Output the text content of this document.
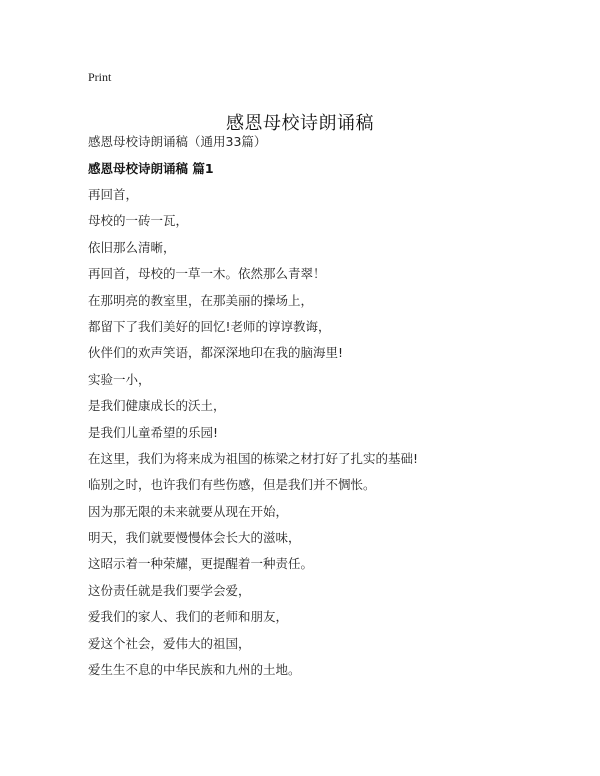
Print
感恩母校诗朗诵稿
感恩母校诗朗诵稿（通用33篇）
感恩母校诗朗诵稿 篇1
再回首，
母校的一砖一瓦，
依旧那么清晰，
再回首，母校的一草一木。依然那么青翠！
在那明亮的教室里，在那美丽的操场上，
都留下了我们美好的回忆!老师的谆谆教诲，
伙伴们的欢声笑语，都深深地印在我的脑海里!
实验一小，
是我们健康成长的沃土，
是我们儿童希望的乐园!
在这里，我们为将来成为祖国的栋梁之材打好了扎实的基础!
临别之时，也许我们有些伤感，但是我们并不惆怅。
因为那无限的未来就要从现在开始，
明天，我们就要慢慢体会长大的滋味，
这昭示着一种荣耀，更提醒着一种责任。
这份责任就是我们要学会爱，
爱我们的家人、我们的老师和朋友，
爱这个社会，爱伟大的祖国，
爱生生不息的中华民族和九州的土地。
